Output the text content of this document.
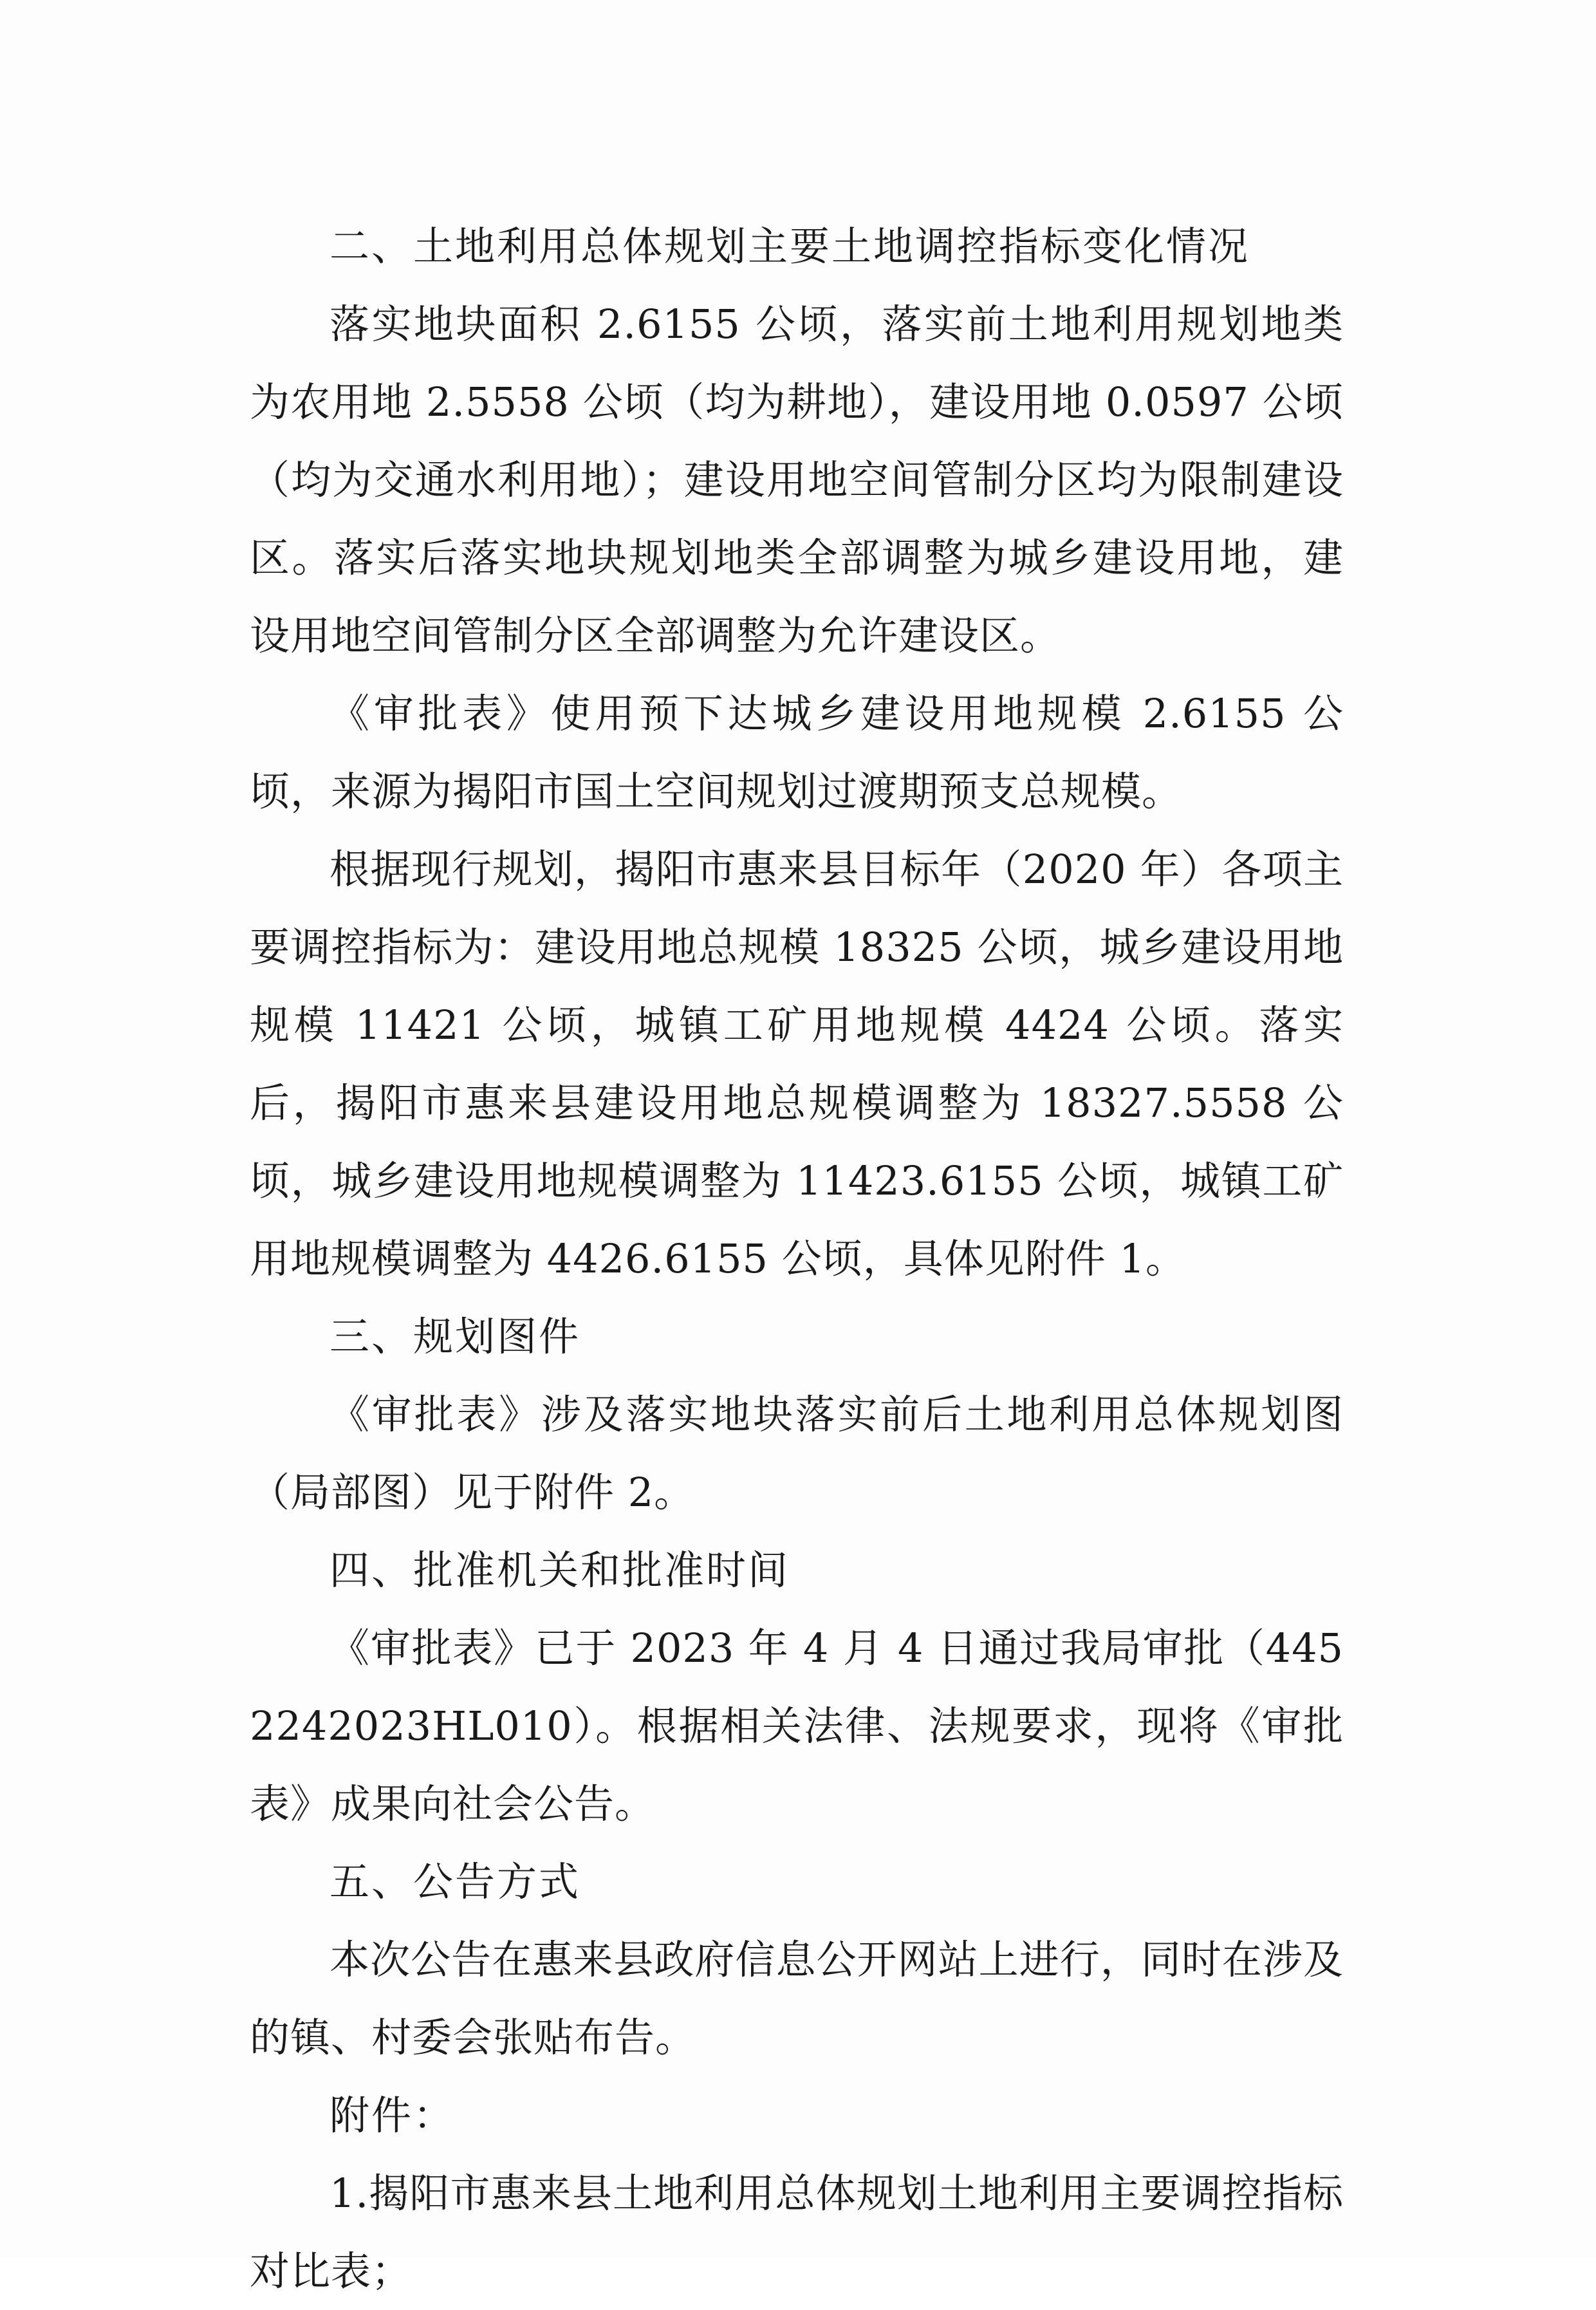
二、土地利用总体规划主要土地调控指标变化情况

落实地块面积 2.6155 公顷，落实前土地利用规划地类为农用地 2.5558 公顷（均为耕地），建设用地 0.0597 公顷（均为交通水利用地）；建设用地空间管制分区均为限制建设区。落实后落实地块规划地类全部调整为城乡建设用地，建设用地空间管制分区全部调整为允许建设区。

《审批表》使用预下达城乡建设用地规模 2.6155 公顷，来源为揭阳市国土空间规划过渡期预支总规模。

根据现行规划，揭阳市惠来县目标年（2020 年）各项主要调控指标为：建设用地总规模 18325 公顷，城乡建设用地规模 11421 公顷，城镇工矿用地规模 4424 公顷。落实后，揭阳市惠来县建设用地总规模调整为 18327.5558 公顷，城乡建设用地规模调整为 11423.6155 公顷，城镇工矿用地规模调整为 4426.6155 公顷，具体见附件 1。

三、规划图件

《审批表》涉及落实地块落实前后土地利用总体规划图（局部图）见于附件 2。

四、批准机关和批准时间

《审批表》已于 2023 年 4 月 4 日通过我局审批（4452242023HL010）。根据相关法律、法规要求，现将《审批表》成果向社会公告。

五、公告方式

本次公告在惠来县政府信息公开网站上进行，同时在涉及的镇、村委会张贴布告。

附件：

1.揭阳市惠来县土地利用总体规划土地利用主要调控指标对比表；
